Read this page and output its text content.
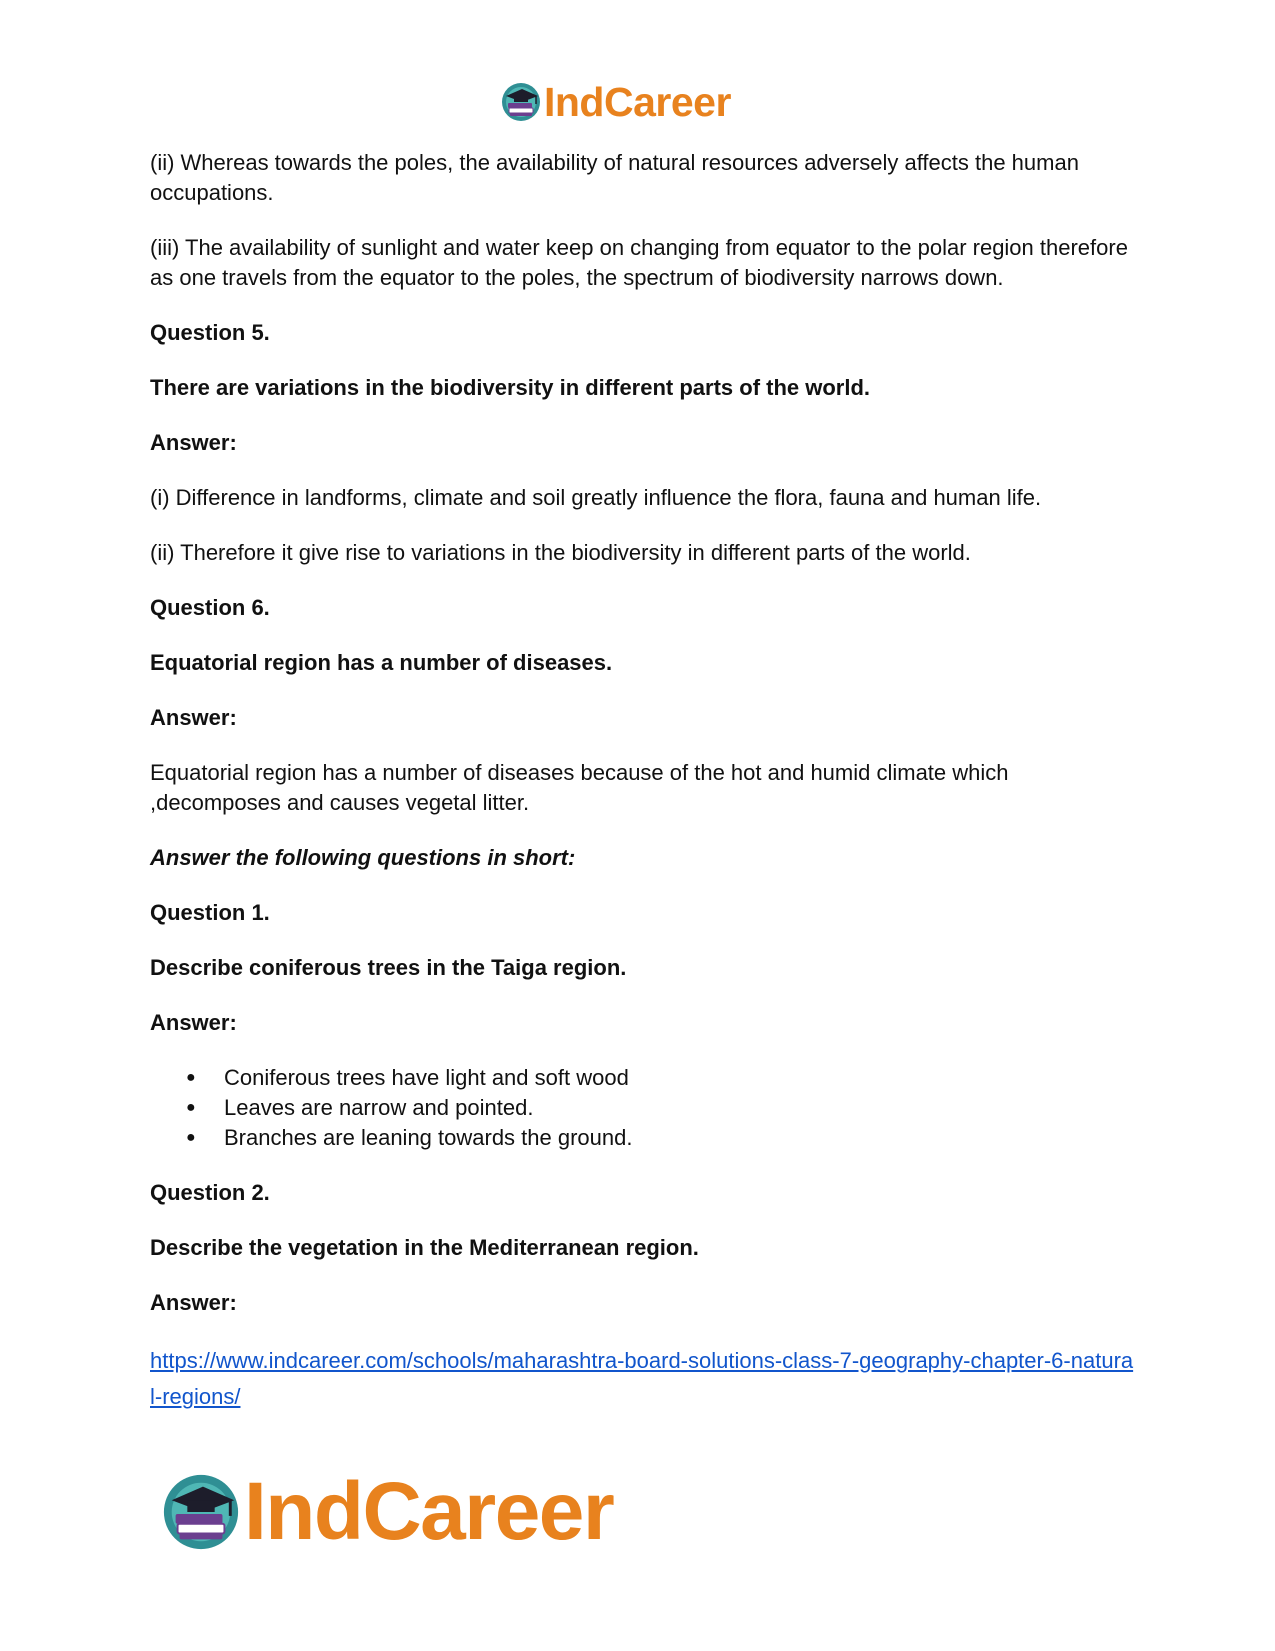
IndCareer

(ii) Whereas towards the poles, the availability of natural resources adversely affects the human occupations.

(iii) The availability of sunlight and water keep on changing from equator to the polar region therefore as one travels from the equator to the poles, the spectrum of biodiversity narrows down.

Question 5.

There are variations in the biodiversity in different parts of the world.

Answer:

(i) Difference in landforms, climate and soil greatly influence the flora, fauna and human life.

(ii) Therefore it give rise to variations in the biodiversity in different parts of the world.

Question 6.

Equatorial region has a number of diseases.

Answer:

Equatorial region has a number of diseases because of the hot and humid climate which ,decomposes and causes vegetal litter.

Answer the following questions in short:

Question 1.

Describe coniferous trees in the Taiga region.

Answer:

● Coniferous trees have light and soft wood
● Leaves are narrow and pointed.
● Branches are leaning towards the ground.

Question 2.

Describe the vegetation in the Mediterranean region.

Answer:

https://www.indcareer.com/schools/maharashtra-board-solutions-class-7-geography-chapter-6-natural-regions/
IndCareer
